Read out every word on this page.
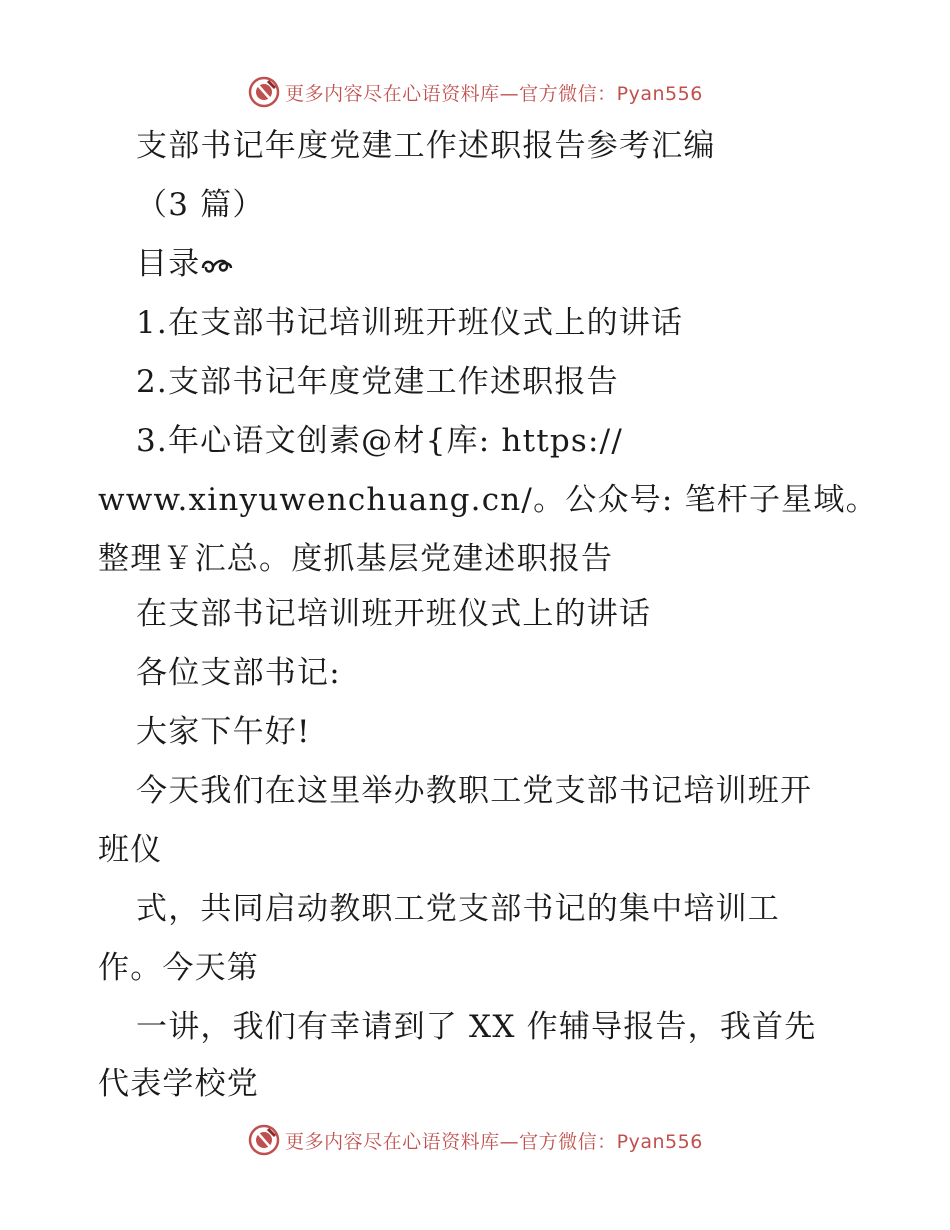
更多内容尽在心语资料库—官方微信：Pyan556
支部书记年度党建工作述职报告参考汇编
（3 篇）
目录
1.在支部书记培训班开班仪式上的讲话
2.支部书记年度党建工作述职报告
3.年心语文创素@材{库: https://
www.xinyuwenchuang.cn/。公众号: 笔杆子星域。
整理￥汇总。度抓基层党建述职报告
在支部书记培训班开班仪式上的讲话
各位支部书记:
大家下午好!
今天我们在这里举办教职工党支部书记培训班开
班仪
式，共同启动教职工党支部书记的集中培训工
作。今天第
一讲，我们有幸请到了 XX 作辅导报告，我首先
代表学校党
更多内容尽在心语资料库—官方微信：Pyan556
